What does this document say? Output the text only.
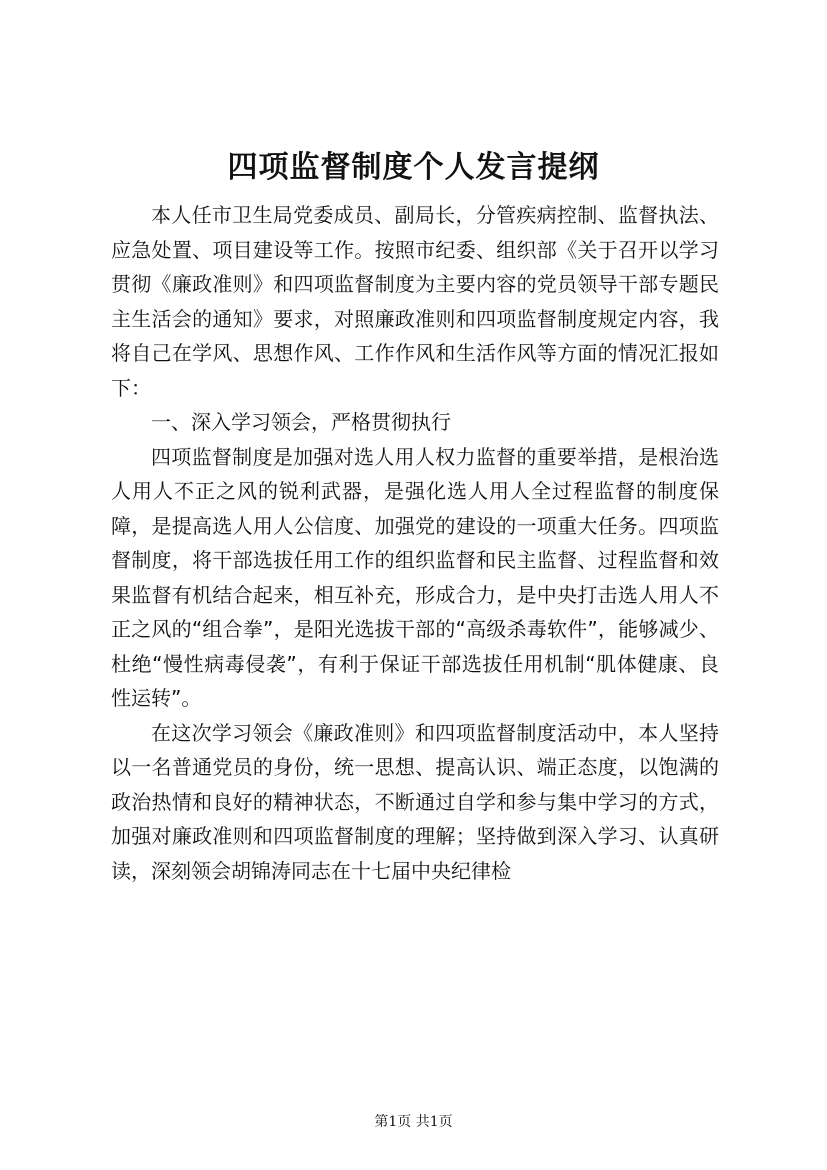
四项监督制度个人发言提纲

本人任市卫生局党委成员、副局长，分管疾病控制、监督执法、应急处置、项目建设等工作。按照市纪委、组织部《关于召开以学习贯彻《廉政准则》和四项监督制度为主要内容的党员领导干部专题民主生活会的通知》要求，对照廉政准则和四项监督制度规定内容，我将自己在学风、思想作风、工作作风和生活作风等方面的情况汇报如下：

一、深入学习领会，严格贯彻执行

四项监督制度是加强对选人用人权力监督的重要举措，是根治选人用人不正之风的锐利武器，是强化选人用人全过程监督的制度保障，是提高选人用人公信度、加强党的建设的一项重大任务。四项监督制度，将干部选拔任用工作的组织监督和民主监督、过程监督和效果监督有机结合起来，相互补充，形成合力，是中央打击选人用人不正之风的“组合拳”，是阳光选拔干部的“高级杀毒软件”，能够减少、杜绝“慢性病毒侵袭”，有利于保证干部选拔任用机制“肌体健康、良性运转”。

在这次学习领会《廉政准则》和四项监督制度活动中，本人坚持以一名普通党员的身份，统一思想、提高认识、端正态度，以饱满的政治热情和良好的精神状态，不断通过自学和参与集中学习的方式，加强对廉政准则和四项监督制度的理解；坚持做到深入学习、认真研读，深刻领会胡锦涛同志在十七届中央纪律检

第1页 共1页
